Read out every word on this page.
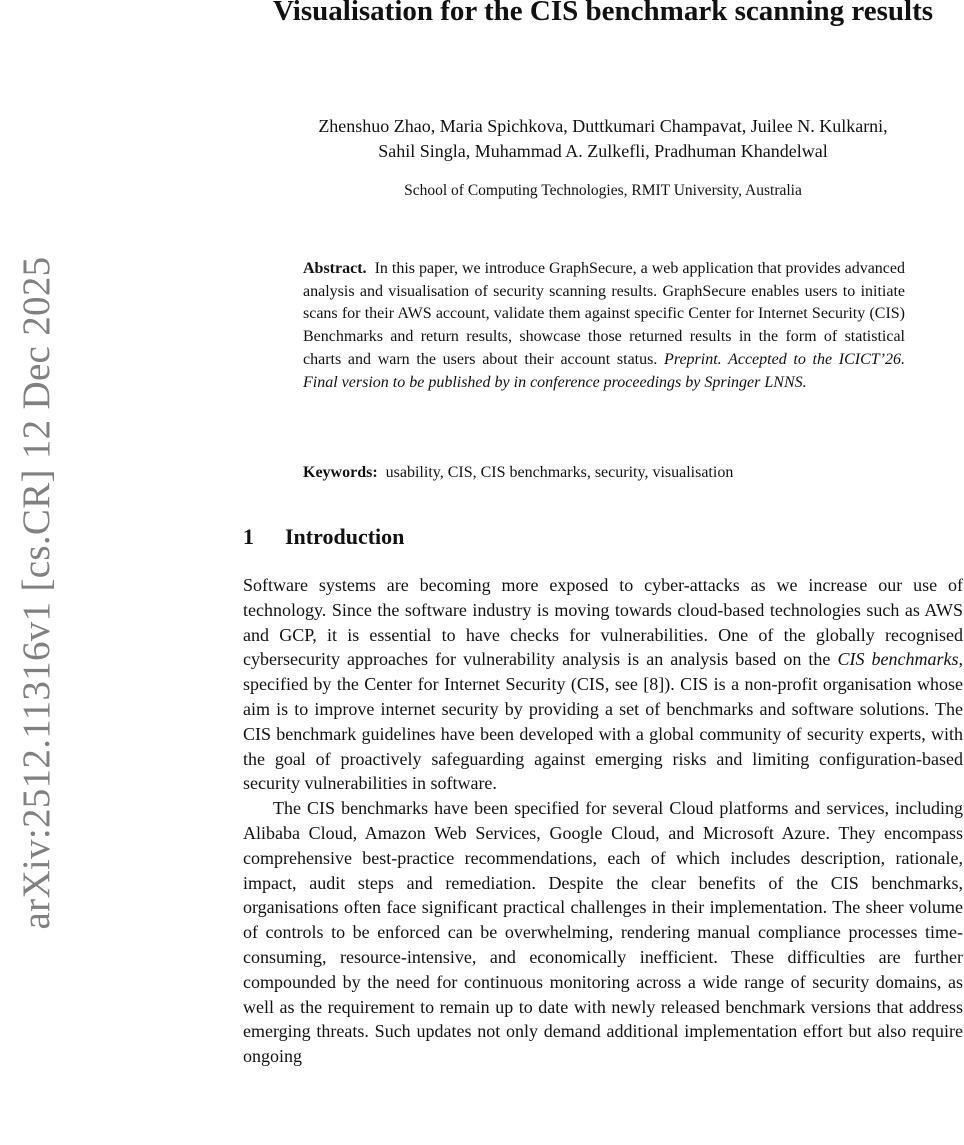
arXiv:2512.11316v1 [cs.CR] 12 Dec 2025
Visualisation for the CIS benchmark scanning results
Zhenshuo Zhao, Maria Spichkova, Duttkumari Champavat, Juilee N. Kulkarni,
Sahil Singla, Muhammad A. Zulkefli, Pradhuman Khandelwal
School of Computing Technologies, RMIT University, Australia

Abstract. In this paper, we introduce GraphSecure, a web application that provides advanced analysis and visualisation of security scanning results. GraphSecure enables users to initiate scans for their AWS account, validate them against specific Center for Internet Security (CIS) Benchmarks and return results, showcase those returned results in the form of statistical charts and warn the users about their account status. Preprint. Accepted to the ICICT’26. Final version to be published by in conference proceedings by Springer LNNS.

Keywords: usability, CIS, CIS benchmarks, security, visualisation
1 Introduction

Software systems are becoming more exposed to cyber-attacks as we increase our use of technology. Since the software industry is moving towards cloud-based technologies such as AWS and GCP, it is essential to have checks for vulnerabilities. One of the globally recognised cybersecurity approaches for vulnerability analysis is an analysis based on the CIS benchmarks, specified by the Center for Internet Security (CIS, see [8]). CIS is a non-profit organisation whose aim is to improve internet security by providing a set of benchmarks and software solutions. The CIS benchmark guidelines have been developed with a global community of security experts, with the goal of proactively safeguarding against emerging risks and limiting configuration-based security vulnerabilities in software.

The CIS benchmarks have been specified for several Cloud platforms and services, including Alibaba Cloud, Amazon Web Services, Google Cloud, and Microsoft Azure. They encompass comprehensive best-practice recommendations, each of which includes description, rationale, impact, audit steps and remediation. Despite the clear benefits of the CIS benchmarks, organisations often face significant practical challenges in their implementation. The sheer volume of controls to be enforced can be overwhelming, rendering manual compliance processes time-consuming, resource-intensive, and economically inefficient. These difficulties are further compounded by the need for continuous monitoring across a wide range of security domains, as well as the requirement to remain up to date with newly released benchmark versions that address emerging threats. Such updates not only demand additional implementation effort but also require ongoing
